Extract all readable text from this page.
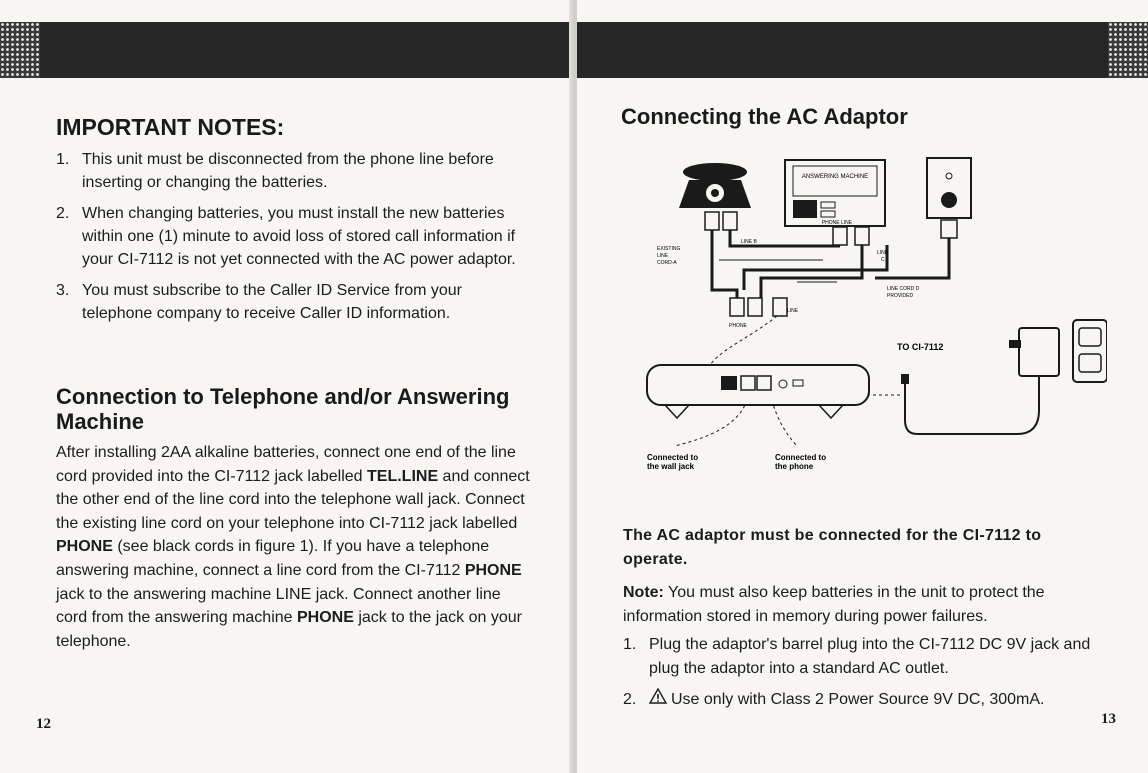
IMPORTANT NOTES:
1. This unit must be disconnected from the phone line before inserting or changing the batteries.
2. When changing batteries, you must install the new batteries within one (1) minute to avoid loss of stored call information if your CI-7112 is not yet connected with the AC power adaptor.
3. You must subscribe to the Caller ID Service from your telephone company to receive Caller ID information.
Connection to Telephone and/or Answering Machine

After installing 2AA alkaline batteries, connect one end of the line cord provided into the CI-7112 jack labelled TEL.LINE and connect the other end of the line cord into the telephone wall jack. Connect the existing line cord on your telephone into CI-7112 jack labelled PHONE (see black cords in figure 1). If you have a telephone answering machine, connect a line cord from the CI-7112 PHONE jack to the answering machine LINE jack. Connect another line cord from the answering machine PHONE jack to the jack on your telephone.

12
Connecting the AC Adaptor
ANSWERING MACHINE
PHONE LINE
LINE B
EXISTING
LINE
CORD-A
LINE
C
LINE CORD D
PROVIDED
PHONE
LINE
TO CI-7112
Connected to
the wall jack
Connected to
the phone

The AC adaptor must be connected for the CI-7112 to operate.

Note: You must also keep batteries in the unit to protect the information stored in memory during power failures.

1. Plug the adaptor's barrel plug into the CI-7112 DC 9V jack and plug the adaptor into a standard AC outlet.
2. Use only with Class 2 Power Source 9V DC, 300mA.
13
